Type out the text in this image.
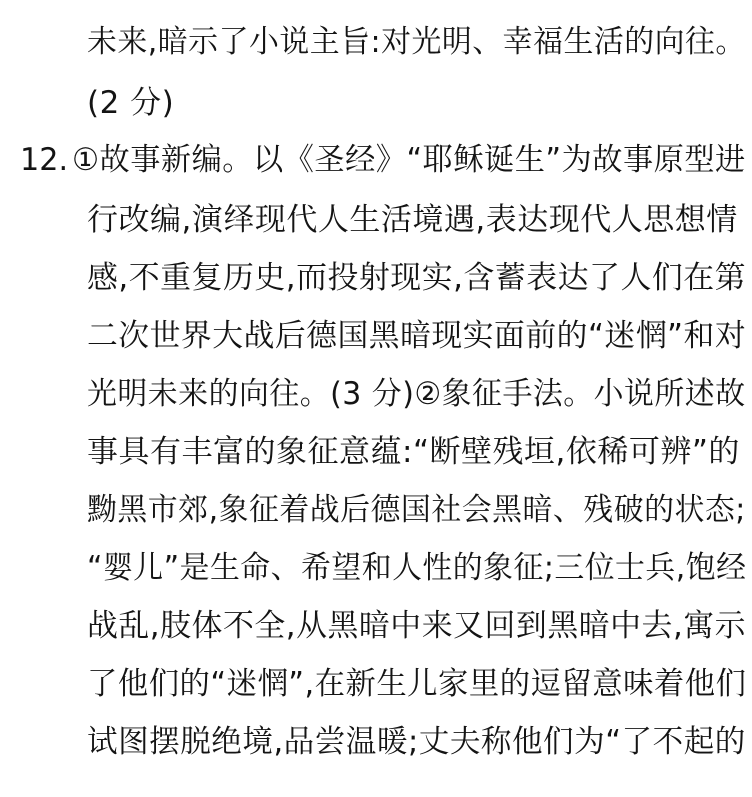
未来,暗示了小说主旨:对光明、幸福生活的向往。
(2 分)
12. ①故事新编。以《圣经》“耶稣诞生”为故事原型进
行改编,演绎现代人生活境遇,表达现代人思想情
感,不重复历史,而投射现实,含蓄表达了人们在第
二次世界大战后德国黑暗现实面前的“迷惘”和对
光明未来的向往。(3 分)②象征手法。小说所述故
事具有丰富的象征意蕴:“断壁残垣,依稀可辨”的
黝黑市郊,象征着战后德国社会黑暗、残破的状态;
“婴儿”是生命、希望和人性的象征;三位士兵,饱经
战乱,肢体不全,从黑暗中来又回到黑暗中去,寓示
了他们的“迷惘”,在新生儿家里的逗留意味着他们
试图摆脱绝境,品尝温暖;丈夫称他们为“了不起的
